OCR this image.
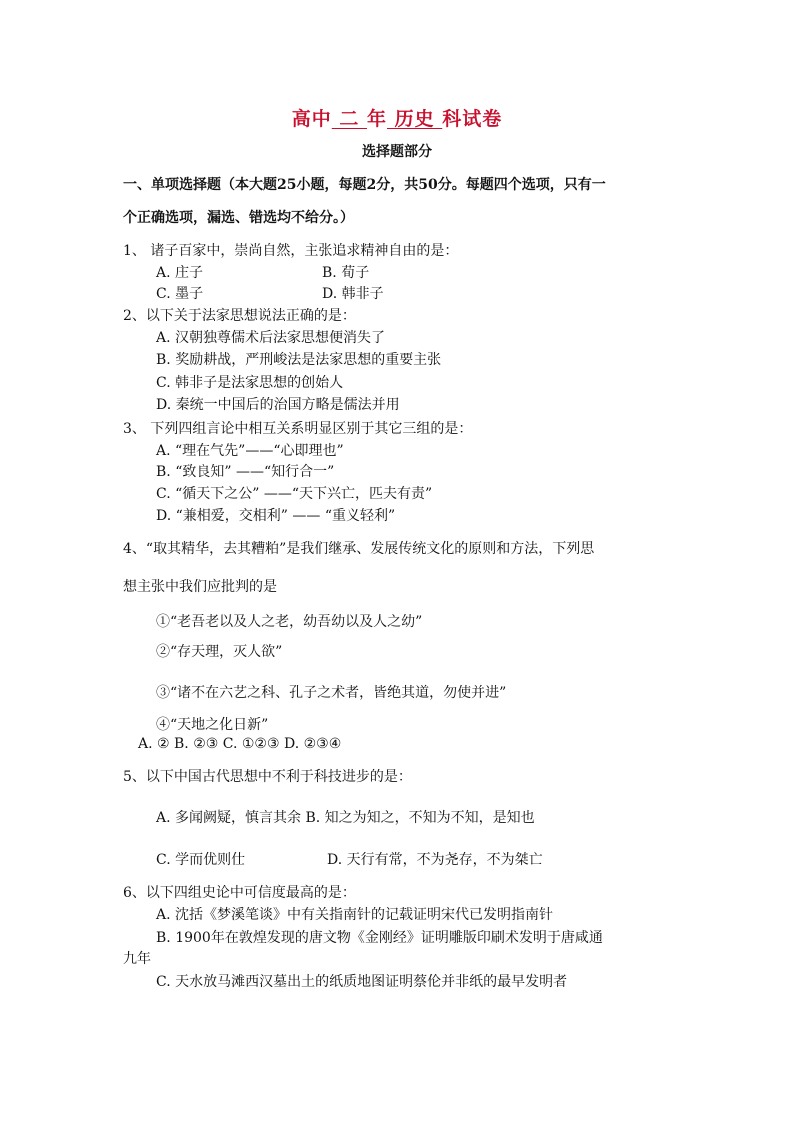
高中 二 年 历史 科试卷
选择题部分
一、单项选择题（本大题25小题，每题2分，共50分。每题四个选项，只有一
个正确选项，漏选、错选均不给分。）
1、 诸子百家中，崇尚自然，主张追求精神自由的是：
A. 庄子	B. 荀子
C. 墨子	D. 韩非子
2、以下关于法家思想说法正确的是：
A. 汉朝独尊儒术后法家思想便消失了
B. 奖励耕战，严刑峻法是法家思想的重要主张
C. 韩非子是法家思想的创始人
D. 秦统一中国后的治国方略是儒法并用
3、 下列四组言论中相互关系明显区别于其它三组的是：
A. “理在气先”——“心即理也”
B. “致良知” ——“知行合一”
C. “循天下之公” ——“天下兴亡，匹夫有责”
D. “兼相爱，交相利” —— “重义轻利”
4、“取其精华，去其糟粕”是我们继承、发展传统文化的原则和方法，下列思
想主张中我们应批判的是
①“老吾老以及人之老，幼吾幼以及人之幼”
②“存天理，灭人欲”
③“诸不在六艺之科、孔子之术者，皆绝其道，勿使并进”
④“天地之化日新”
A. ② B. ②③ C. ①②③ D. ②③④
5、以下中国古代思想中不利于科技进步的是：
A. 多闻阙疑，慎言其余 B. 知之为知之，不知为不知，是知也
C. 学而优则仕	D. 天行有常，不为尧存，不为桀亡
6、以下四组史论中可信度最高的是：
A. 沈括《梦溪笔谈》中有关指南针的记载证明宋代已发明指南针
B. 1900年在敦煌发现的唐文物《金刚经》证明雕版印刷术发明于唐咸通
九年
C. 天水放马滩西汉墓出土的纸质地图证明蔡伦并非纸的最早发明者
